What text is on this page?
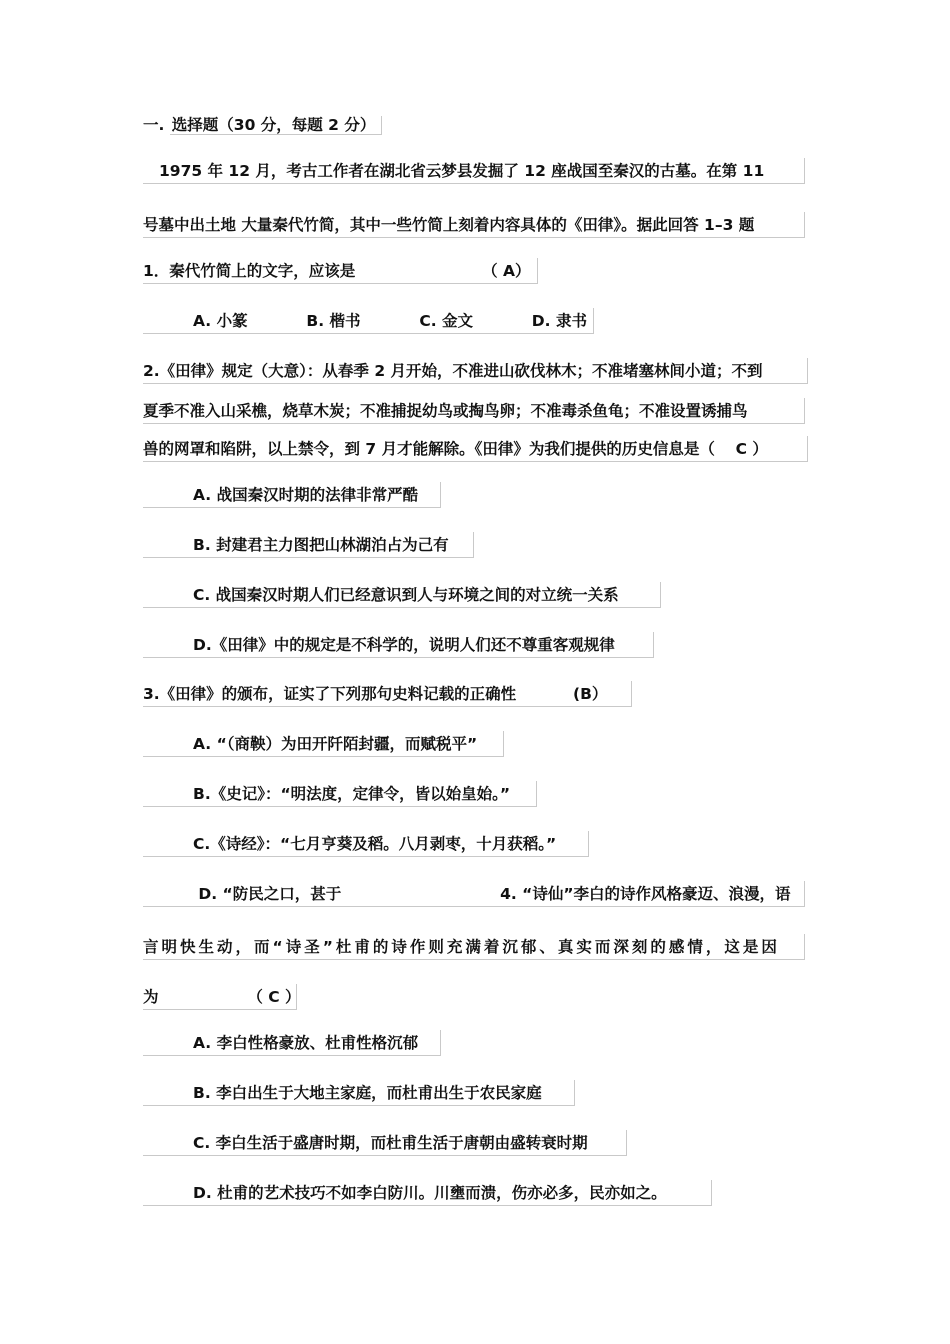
一. 选择题（30 分，每题 2 分）
1975 年 12 月，考古工作者在湖北省云梦县发掘了 12 座战国至秦汉的古墓。在第 11
号墓中出土地 大量秦代竹简，其中一些竹简上刻着内容具体的《田律》。据此回答 1–3 题
1．秦代竹简上的文字，应该是	（ A）
A. 小篆	B. 楷书	C. 金文	D. 隶书
2.《田律》规定（大意）：从春季 2 月开始，不准进山砍伐林木；不准堵塞林间小道；不到
夏季不准入山采樵，烧草木炭；不准捕捉幼鸟或掏鸟卵；不准毒杀鱼龟；不准设置诱捕鸟
兽的网罩和陷阱，以上禁令，到 7 月才能解除。《田律》为我们提供的历史信息是（ C ）
A. 战国秦汉时期的法律非常严酷
B. 封建君主力图把山林湖泊占为己有
C. 战国秦汉时期人们已经意识到人与环境之间的对立统一关系
D.《田律》中的规定是不科学的，说明人们还不尊重客观规律
3.《田律》的颁布，证实了下列那句史料记载的正确性	(B）
A. “（商鞅）为田开阡陌封疆，而赋税平”
B.《史记》：“明法度，定律令，皆以始皇始。”
C.《诗经》：“七月亨葵及稻。八月剥枣，十月获稻。”
D. “防民之口，甚于	4. “诗仙”李白的诗作风格豪迈、浪漫，语
言明快生动，而“诗圣”杜甫的诗作则充满着沉郁、真实而深刻的感情，这是因
为	（ C ）
A. 李白性格豪放、杜甫性格沉郁
B. 李白出生于大地主家庭，而杜甫出生于农民家庭
C. 李白生活于盛唐时期，而杜甫生活于唐朝由盛转衰时期
D. 杜甫的艺术技巧不如李白防川。川壅而溃，伤亦必多，民亦如之。
